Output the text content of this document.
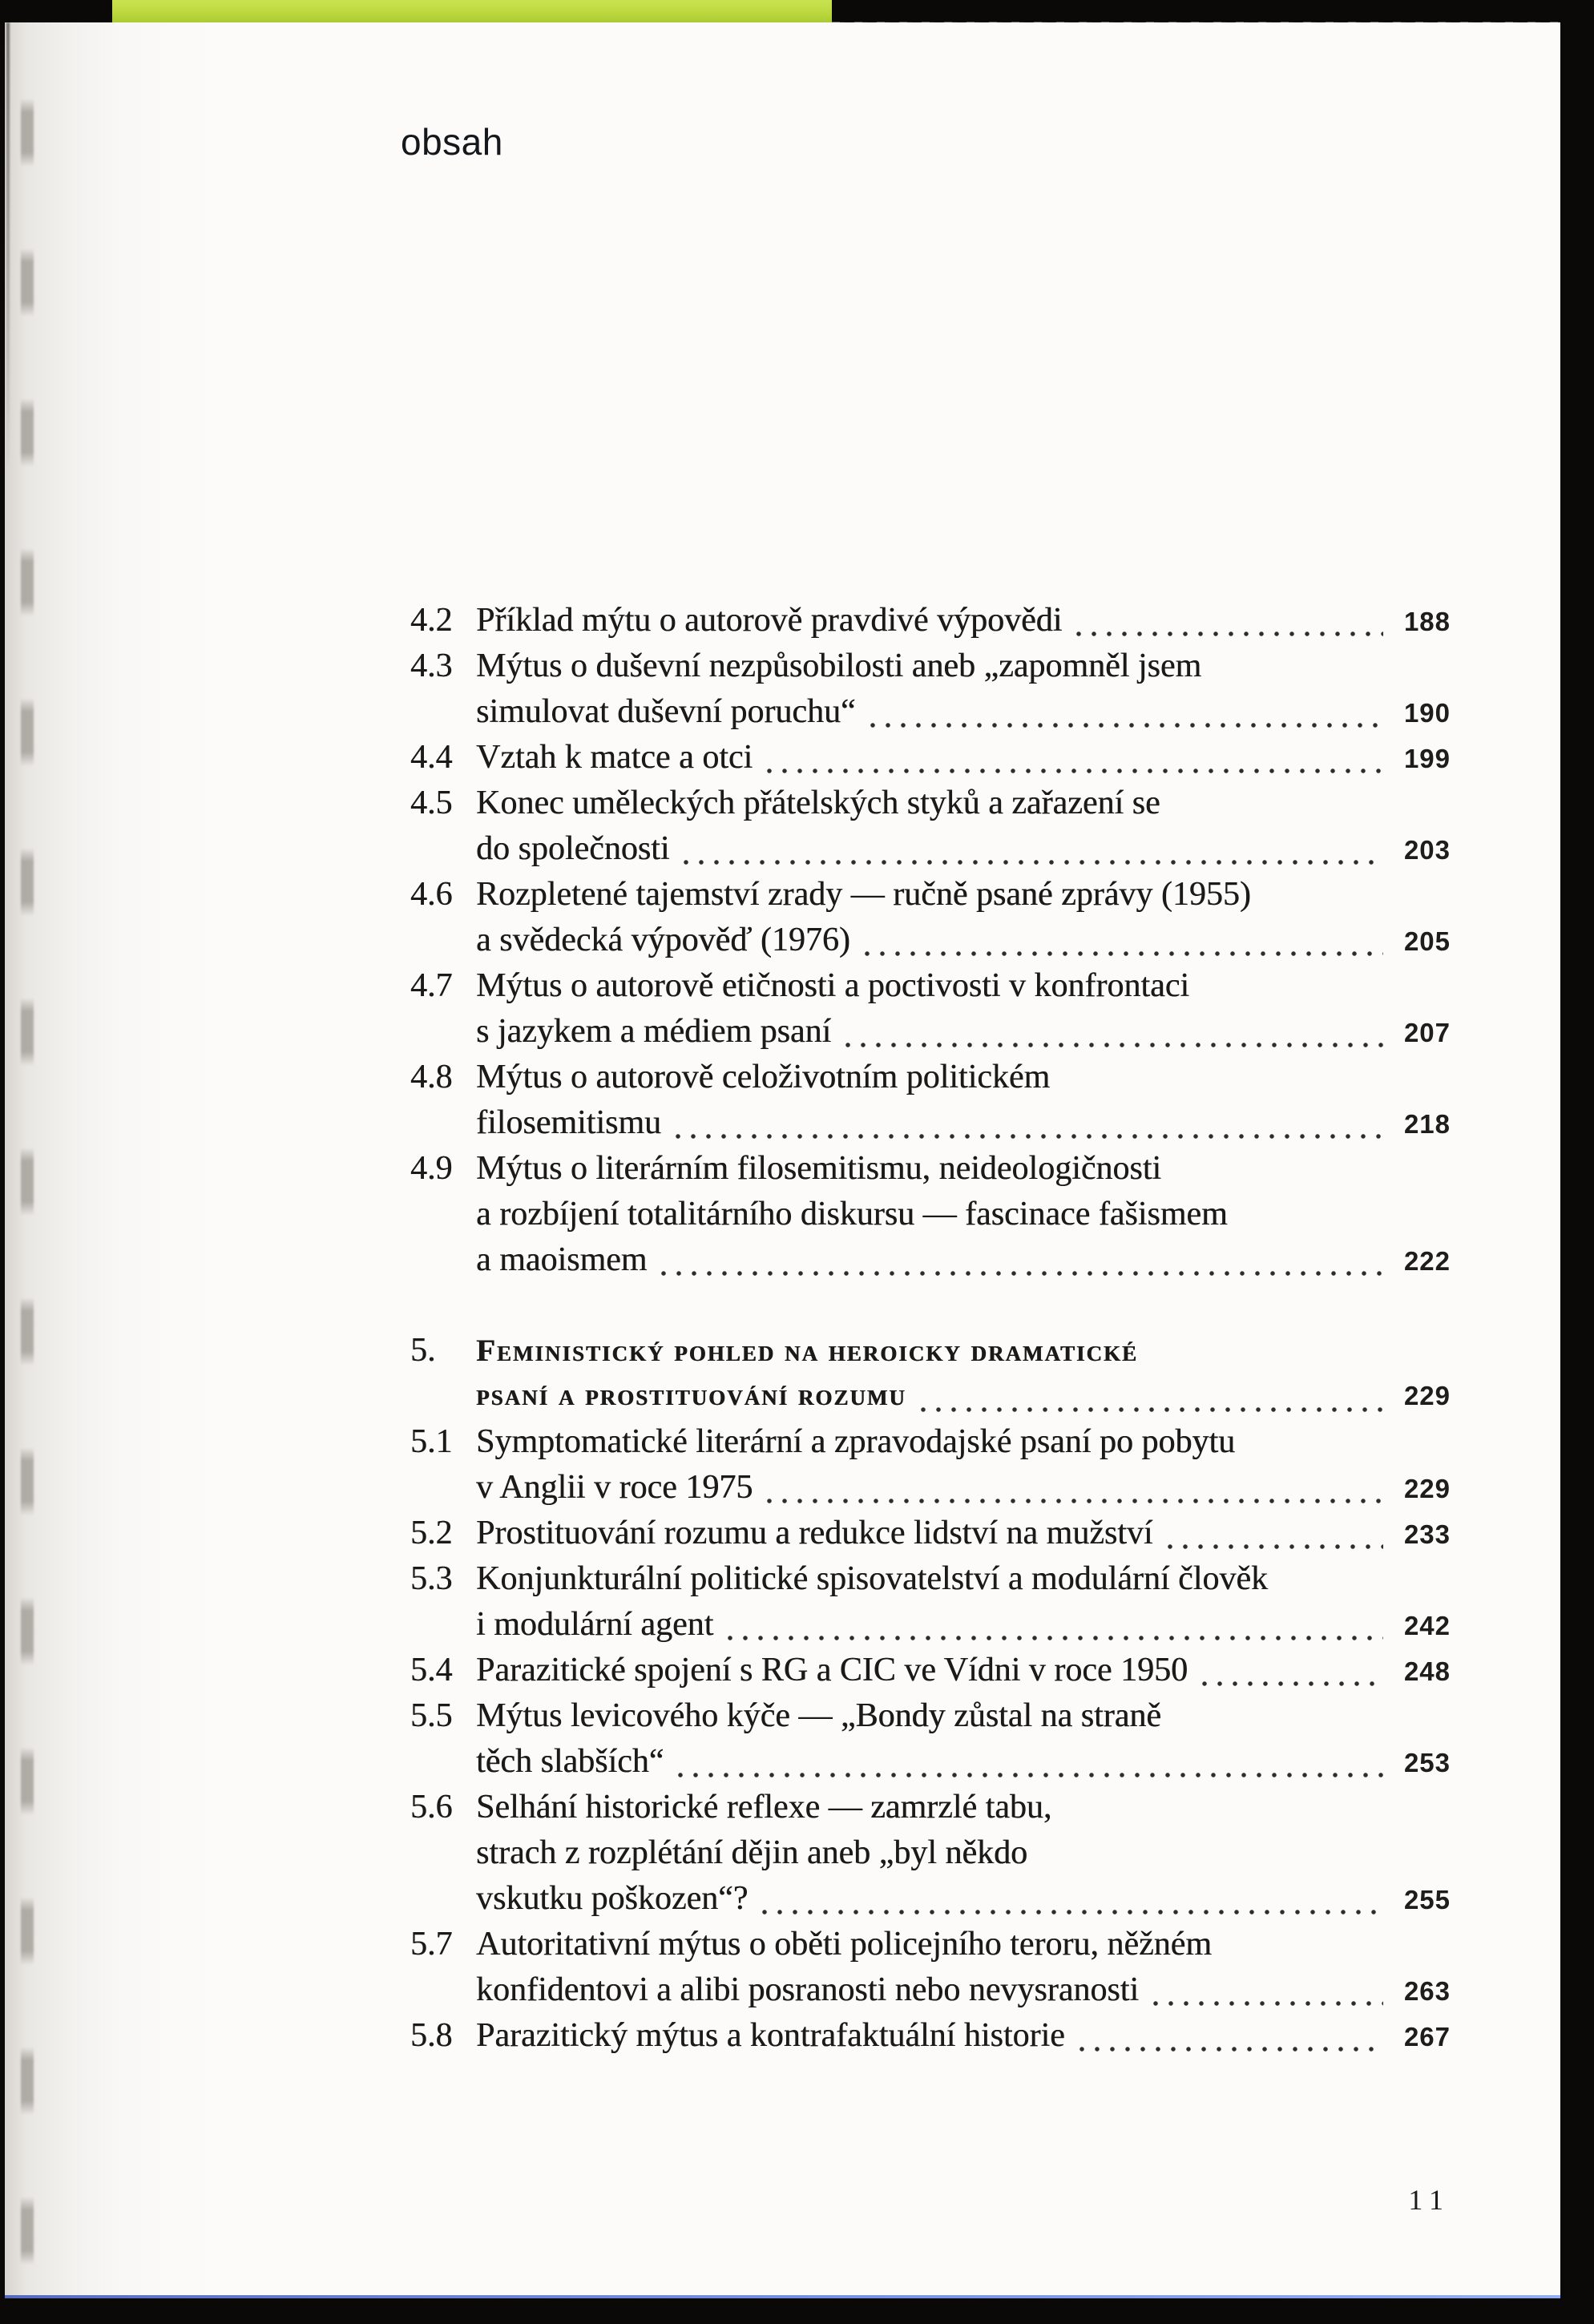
obsah
4.2 Příklad mýtu o autorově pravdivé výpovědi	188
4.3 Mýtus o duševní nezpůsobilosti aneb „zapomněl jsem
simulovat duševní poruchu“	190
4.4 Vztah k matce a otci	199
4.5 Konec uměleckých přátelských styků a zařazení se
do společnosti	203
4.6 Rozpletené tajemství zrady — ručně psané zprávy (1955)
a svědecká výpověď (1976)	205
4.7 Mýtus o autorově etičnosti a poctivosti v konfrontaci
s jazykem a médiem psaní	207
4.8 Mýtus o autorově celoživotním politickém
filosemitismu	218
4.9 Mýtus o literárním filosemitismu, neideologičnosti
a rozbíjení totalitárního diskursu — fascinace fašismem
a maoismem	222
5.	Feministický pohled na heroicky dramatické
psaní a prostituování rozumu	229
5.1 Symptomatické literární a zpravodajské psaní po pobytu
v Anglii v roce 1975	229
5.2 Prostituování rozumu a redukce lidství na mužství	233
5.3 Konjunkturální politické spisovatelství a modulární člověk
i modulární agent	242
5.4 Parazitické spojení s RG a CIC ve Vídni v roce 1950	248
5.5 Mýtus levicového kýče — „Bondy zůstal na straně
těch slabších“	253
5.6 Selhání historické reflexe — zamrzlé tabu,
strach z rozplétání dějin aneb „byl někdo
vskutku poškozen“?	255
5.7 Autoritativní mýtus o oběti policejního teroru, něžném
konfidentovi a alibi posranosti nebo nevysranosti	263
5.8 Parazitický mýtus a kontrafaktuální historie	267
11
